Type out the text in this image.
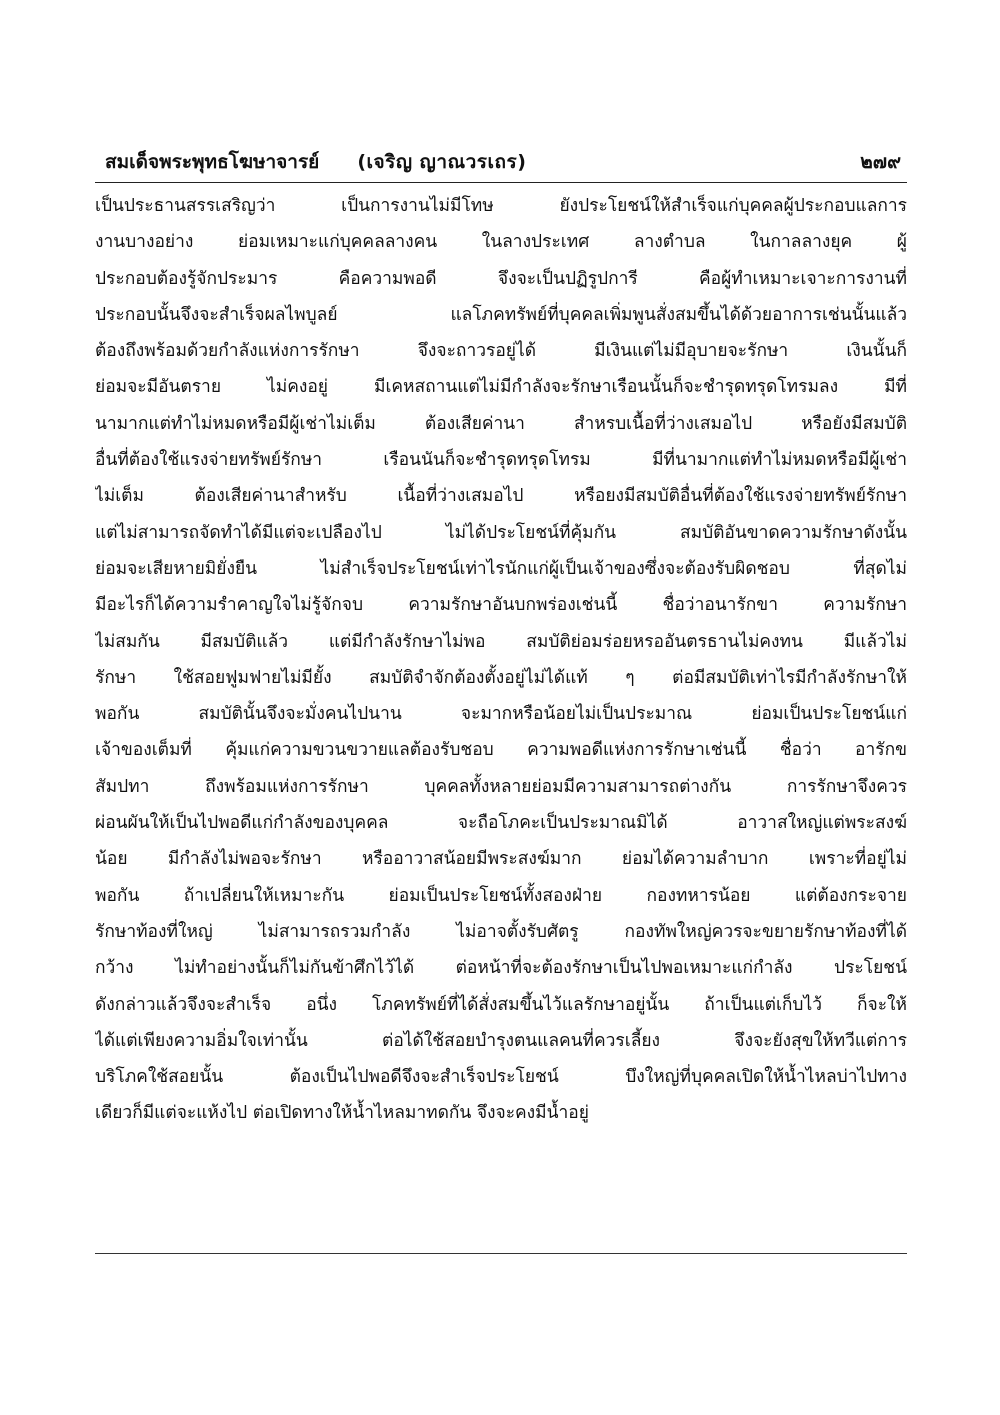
สมเด็จพระพุทธโฆษาจารย์ (เจริญ ญาณวรเถร)	๒๗๙
เป็นประธานสรรเสริญว่า เป็นการงานไม่มีโทษ ยังประโยชน์ให้สำเร็จแก่บุคคลผู้ประกอบแลการ
งานบางอย่าง ย่อมเหมาะแก่บุคคลลางคน ในลางประเทศ ลางตำบล ในกาลลางยุค ผู้
ประกอบต้องรู้จักประมาร คือความพอดี จึงจะเป็นปฏิรูปการี คือผู้ทำเหมาะเจาะการงานที่
ประกอบนั้นจึงจะสำเร็จผลไพบูลย์ แลโภคทรัพย์ที่บุคคลเพิ่มพูนสั่งสมขึ้นได้ด้วยอาการเช่นนั้นแล้ว
ต้องถึงพร้อมด้วยกำลังแห่งการรักษา จึงจะถาวรอยู่ได้ มีเงินแต่ไม่มีอุบายจะรักษา เงินนั้นก็
ย่อมจะมีอันตราย ไม่คงอยู่ มีเคหสถานแต่ไม่มีกำลังจะรักษาเรือนนั้นก็จะชำรุดทรุดโทรมลง มีที่
นามากแต่ทำไม่หมดหรือมีผู้เช่าไม่เต็ม ต้องเสียค่านา สำหรบเนื้อที่ว่างเสมอไป หรือยังมีสมบัติ
อื่นที่ต้องใช้แรงจ่ายทรัพย์รักษา เรือนนันก็จะชำรุดทรุดโทรม มีที่นามากแต่ทำไม่หมดหรือมีผู้เช่า
ไม่เต็ม ต้องเสียค่านาสำหรับ เนื้อที่ว่างเสมอไป หรือยงมีสมบัติอื่นที่ต้องใช้แรงจ่ายทรัพย์รักษา
แต่ไม่สามารถจัดทำได้มีแต่จะเปลืองไป ไม่ได้ประโยชน์ที่คุ้มกัน สมบัติอันขาดความรักษาดังนั้น
ย่อมจะเสียหายมิยั่งยืน ไม่สำเร็จประโยชน์เท่าไรนักแก่ผู้เป็นเจ้าของซึ่งจะต้องรับผิดชอบ ที่สุดไม่
มีอะไรก็ได้ความรำคาญใจไม่รู้จักจบ ความรักษาอันบกพร่องเช่นนี้ ชื่อว่าอนารักขา ความรักษา
ไม่สมกัน มีสมบัติแล้ว แต่มีกำลังรักษาไม่พอ สมบัติย่อมร่อยหรออันตรธานไม่คงทน มีแล้วไม่
รักษา ใช้สอยฟูมฟายไม่มียั้ง สมบัติจำจักต้องตั้งอยู่ไม่ได้แท้ ๆ ต่อมีสมบัติเท่าไรมีกำลังรักษาให้
พอกัน สมบัตินั้นจึงจะมั่งคนไปนาน จะมากหรือน้อยไม่เป็นประมาณ ย่อมเป็นประโยชน์แก่
เจ้าของเต็มที่ คุ้มแก่ความขวนขวายแลต้องรับชอบ ความพอดีแห่งการรักษาเช่นนี้ ชื่อว่า อารักข
สัมปทา ถึงพร้อมแห่งการรักษา บุคคลทั้งหลายย่อมมีความสามารถต่างกัน การรักษาจึงควร
ผ่อนผันให้เป็นไปพอดีแก่กำลังของบุคคล จะถือโภคะเป็นประมาณมิได้ อาวาสใหญ่แต่พระสงฆ์
น้อย มีกำลังไม่พอจะรักษา หรืออาวาสน้อยมีพระสงฆ์มาก ย่อมได้ความลำบาก เพราะที่อยู่ไม่
พอกัน ถ้าเปลี่ยนให้เหมาะกัน ย่อมเป็นประโยชน์ทั้งสองฝ่าย กองทหารน้อย แต่ต้องกระจาย
รักษาท้องที่ใหญ่ ไม่สามารถรวมกำลัง ไม่อาจตั้งรับศัตรู กองทัพใหญ่ควรจะขยายรักษาท้องที่ได้
กว้าง ไม่ทำอย่างนั้นก็ไม่กันข้าศึกไว้ได้ ต่อหน้าที่จะต้องรักษาเป็นไปพอเหมาะแก่กำลัง ประโยชน์
ดังกล่าวแล้วจึงจะสำเร็จ อนึ่ง โภคทรัพย์ที่ได้สั่งสมขึ้นไว้แลรักษาอยู่นั้น ถ้าเป็นแต่เก็บไว้ ก็จะให้
ได้แต่เพียงความอิ่มใจเท่านั้น ต่อได้ใช้สอยบำรุงตนแลคนที่ควรเลี้ยง จึงจะยังสุขให้ทวีแต่การ
บริโภคใช้สอยนั้น ต้องเป็นไปพอดีจึงจะสำเร็จประโยชน์ บึงใหญ่ที่บุคคลเปิดให้น้ำไหลบ่าไปทาง
เดียวก็มีแต่จะแห้งไป ต่อเปิดทางให้น้ำไหลมาทดกัน จึงจะคงมีน้ำอยู่
